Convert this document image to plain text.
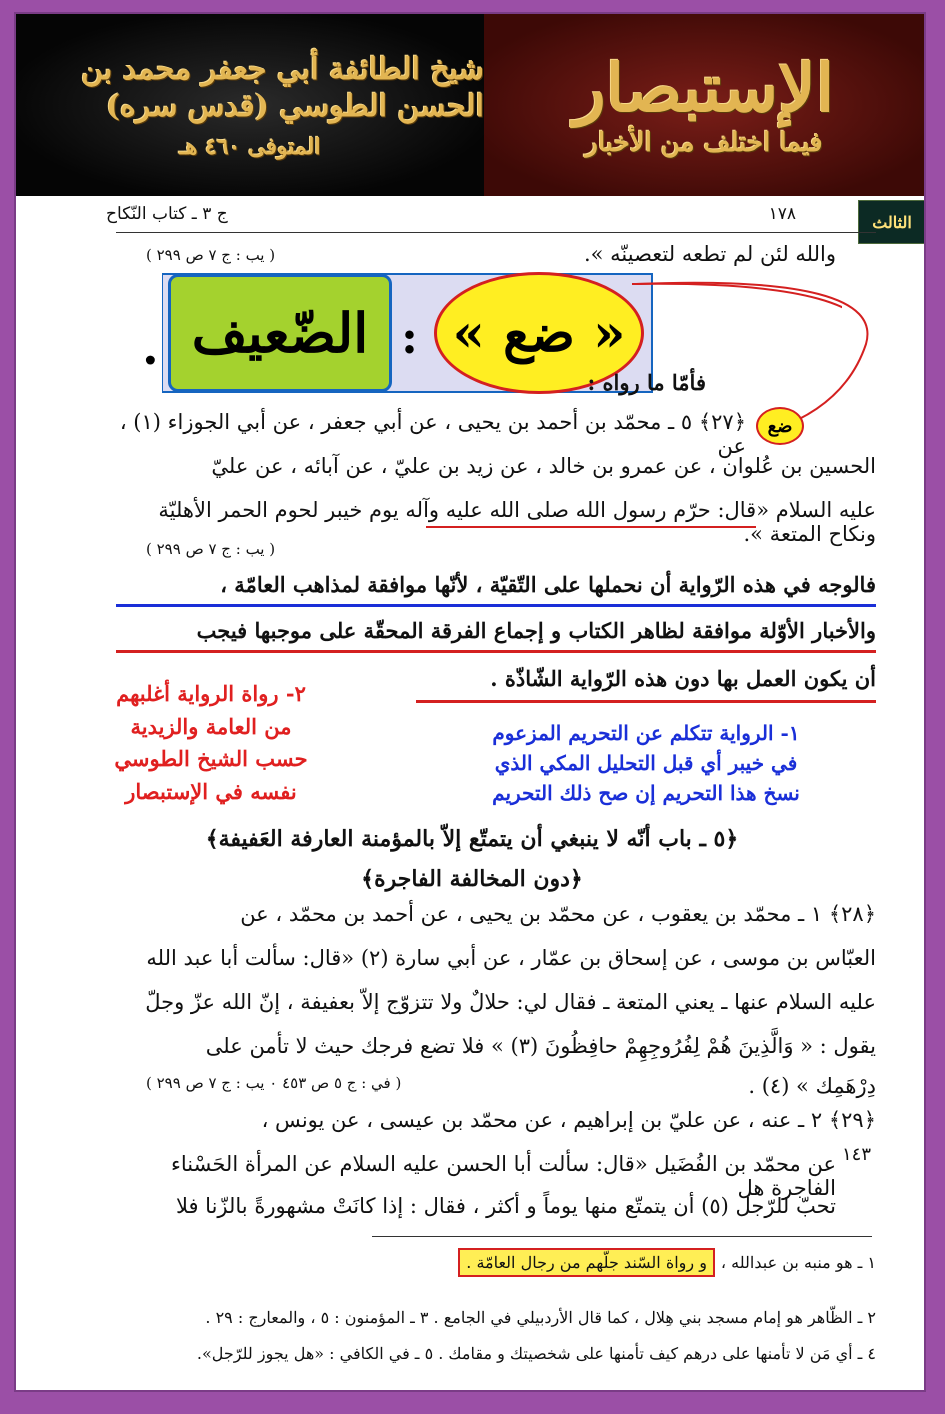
شيخ الطائفة أبي جعفر محمد بن الحسن الطوسي (قدس سره)
المتوفى ٤٦٠ هـ
الإستبصار
فيما اختلف من الأخبار
الثالث
١٧٨
ج ٣ ـ كتاب النّكاح
والله لئن لم تطعه لتعصينّه ».
( يب : ج ٧ ص ٢٩٩ )
الضّعيف : « ضع »
.
فأمّا ما رواه :
ضع
﴿٢٧﴾ ٥ ـ محمّد بن أحمد بن يحيى ، عن أبي جعفر ، عن أبي الجوزاء (١) ، عن
الحسين بن عُلوان ، عن عمرو بن خالد ، عن زيد بن عليّ ، عن آبائه ، عن عليّ
عليه السلام «قال: حرّم رسول الله صلى الله عليه وآله يوم خيبر لحوم الحمر الأهليّة ونكاح المتعة ».
( يب : ج ٧ ص ٢٩٩ )
فالوجه في هذه الرّواية أن نحملها على التّقيّة ، لأنّها موافقة لمذاهب العامّة ،
والأخبار الأوّلة موافقة لظاهر الكتاب و إجماع الفرقة المحقّة على موجبها فيجب
أن يكون العمل بها دون هذه الرّواية الشّاذّة .
٢- رواة الرواية أغلبهم
من العامة والزيدية
حسب الشيخ الطوسي
نفسه في الإستبصار
١- الرواية تتكلم عن التحريم المزعوم
في خيبر أي قبل التحليل المكي الذي
نسخ هذا التحريم إن صح ذلك التحريم
﴿٥ ـ باب أنّه لا ينبغي أن يتمتّع إلاّ بالمؤمنة العارفة العَفيفة﴾
﴿دون المخالفة الفاجرة﴾
﴿٢٨﴾ ١ ـ محمّد بن يعقوب ، عن محمّد بن يحيى ، عن أحمد بن محمّد ، عن
العبّاس بن موسى ، عن إسحاق بن عمّار ، عن أبي سارة (٢) «قال: سألت أبا عبد الله
عليه السلام عنها ـ يعني المتعة ـ فقال لي: حلالٌ ولا تتزوّج إلاّ بعفيفة ، إنّ الله عزّ وجلّ
يقول : « وَالَّذِينَ هُمْ لِفُرُوجِهِمْ حافِظُونَ (٣) » فلا تضع فرجك حيث لا تأمن على
دِرْهَمِك » (٤) .
( في : ج ٥ ص ٤٥٣ ٠ يب : ج ٧ ص ٢٩٩ )
﴿٢٩﴾ ٢ ـ عنه ، عن عليّ بن إبراهيم ، عن محمّد بن عيسى ، عن يونس ،
عن محمّد بن الفُضَيل «قال: سألت أبا الحسن عليه السلام عن المرأة الحَسْناء الفاجرة هل
تحبّ للرّجل (٥) أن يتمتّع منها يوماً و أكثر ، فقال : إذا كانَتْ مشهورةً بالزّنا فلا
١٤٣
١ ـ هو منبه بن عبدالله ،
و رواة السّند جلّهم من رجال العامّة .
٢ ـ الظّاهر هو إمام مسجد بني هِلال ، كما قال الأردبيلي في الجامع . ٣ ـ المؤمنون : ٥ ، والمعارج : ٢٩ .
٤ ـ أي مَن لا تأمنها على درهم كيف تأمنها على شخصيتك و مقامك . ٥ ـ في الكافي : «هل يجوز للرّجل».
